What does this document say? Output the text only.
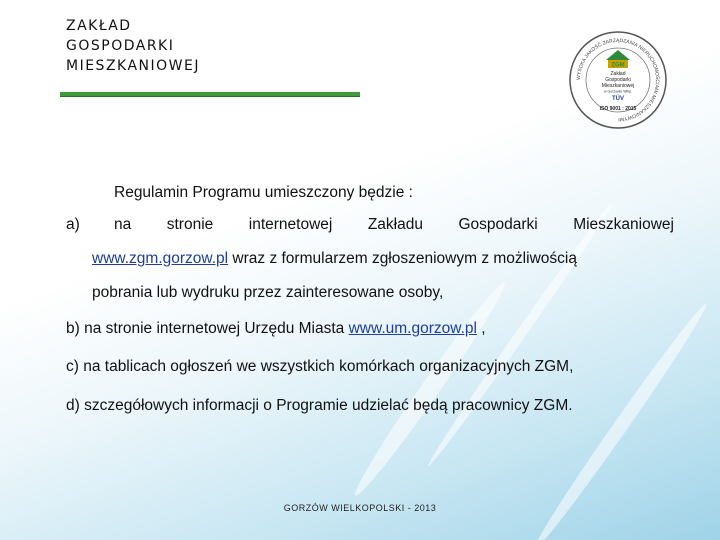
ZAKŁAD
GOSPODARKI
MIESZKANIOWEJ
WYSOKA JAKOŚĆ ZARZĄDZANIA NIERUCHOMOŚCIAMI MIESZKANIOWYMI
ZGM
Zakład
Gospodarki
Mieszkaniowej
w Gorzowie Wlkp.
TÜV
ISO 9001 : 2015
Regulamin Programu umieszczony będzie :
a) na stronie internetowej Zakładu Gospodarki Mieszkaniowej
www.zgm.gorzow.pl wraz z formularzem zgłoszeniowym z możliwością
pobrania lub wydruku przez zainteresowane osoby,
b) na stronie internetowej Urzędu Miasta www.um.gorzow.pl ,
c) na tablicach ogłoszeń we wszystkich komórkach organizacyjnych ZGM,
d) szczegółowych informacji o Programie udzielać będą pracownicy ZGM.
GORZÓW WIELKOPOLSKI - 2013
